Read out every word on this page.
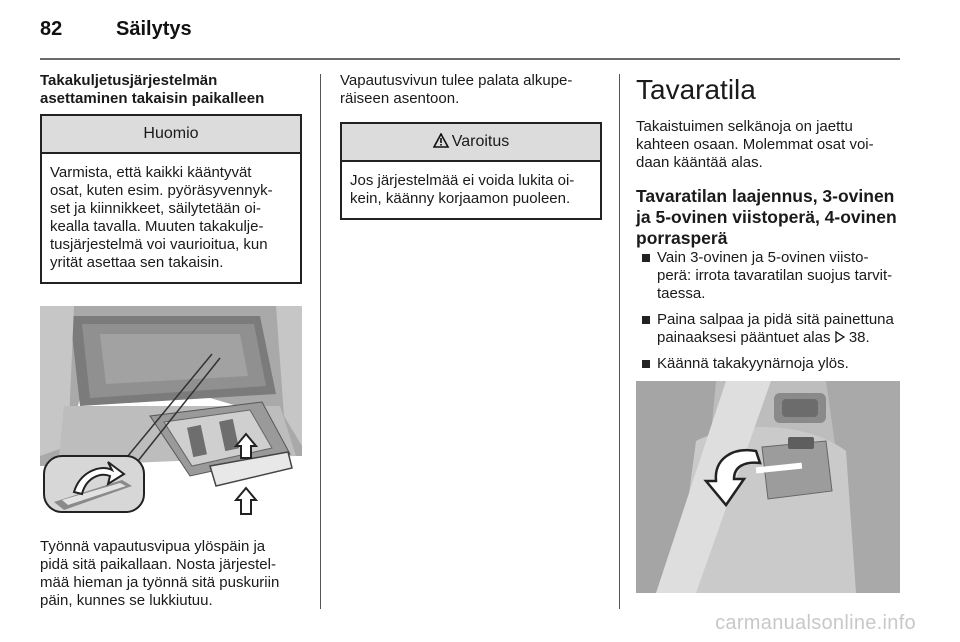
82	Säilytys
Takakuljetusjärjestelmän
asettaminen takaisin paikalleen
Huomio
Varmista, että kaikki kääntyvät
osat, kuten esim. pyöräsyvennyk-
set ja kiinnikkeet, säilytetään oi-
kealla tavalla. Muuten takakulje-
tusjärjestelmä voi vaurioitua, kun
yrität asettaa sen takaisin.
Työnnä vapautusvipua ylöspäin ja
pidä sitä paikallaan. Nosta järjestel-
mää hieman ja työnnä sitä puskuriin
päin, kunnes se lukkiutuu.

Vapautusvivun tulee palata alkupe-
räiseen asentoon.

Varoitus
Jos järjestelmää ei voida lukita oi-
kein, käänny korjaamon puoleen.
Tavaratila

Takaistuimen selkänoja on jaettu
kahteen osaan. Molemmat osat voi-
daan kääntää alas.

Tavaratilan laajennus, 3-ovinen
ja 5-ovinen viistoperä, 4-ovinen
porrasperä
Vain 3-ovinen ja 5-ovinen viisto-
perä: irrota tavaratilan suojus tarvit-
taessa.
Paina salpaa ja pidä sitä painettuna
painaaksesi pääntuet alas 38.
Käännä takakyynärnoja ylös.
carmanualsonline.info
